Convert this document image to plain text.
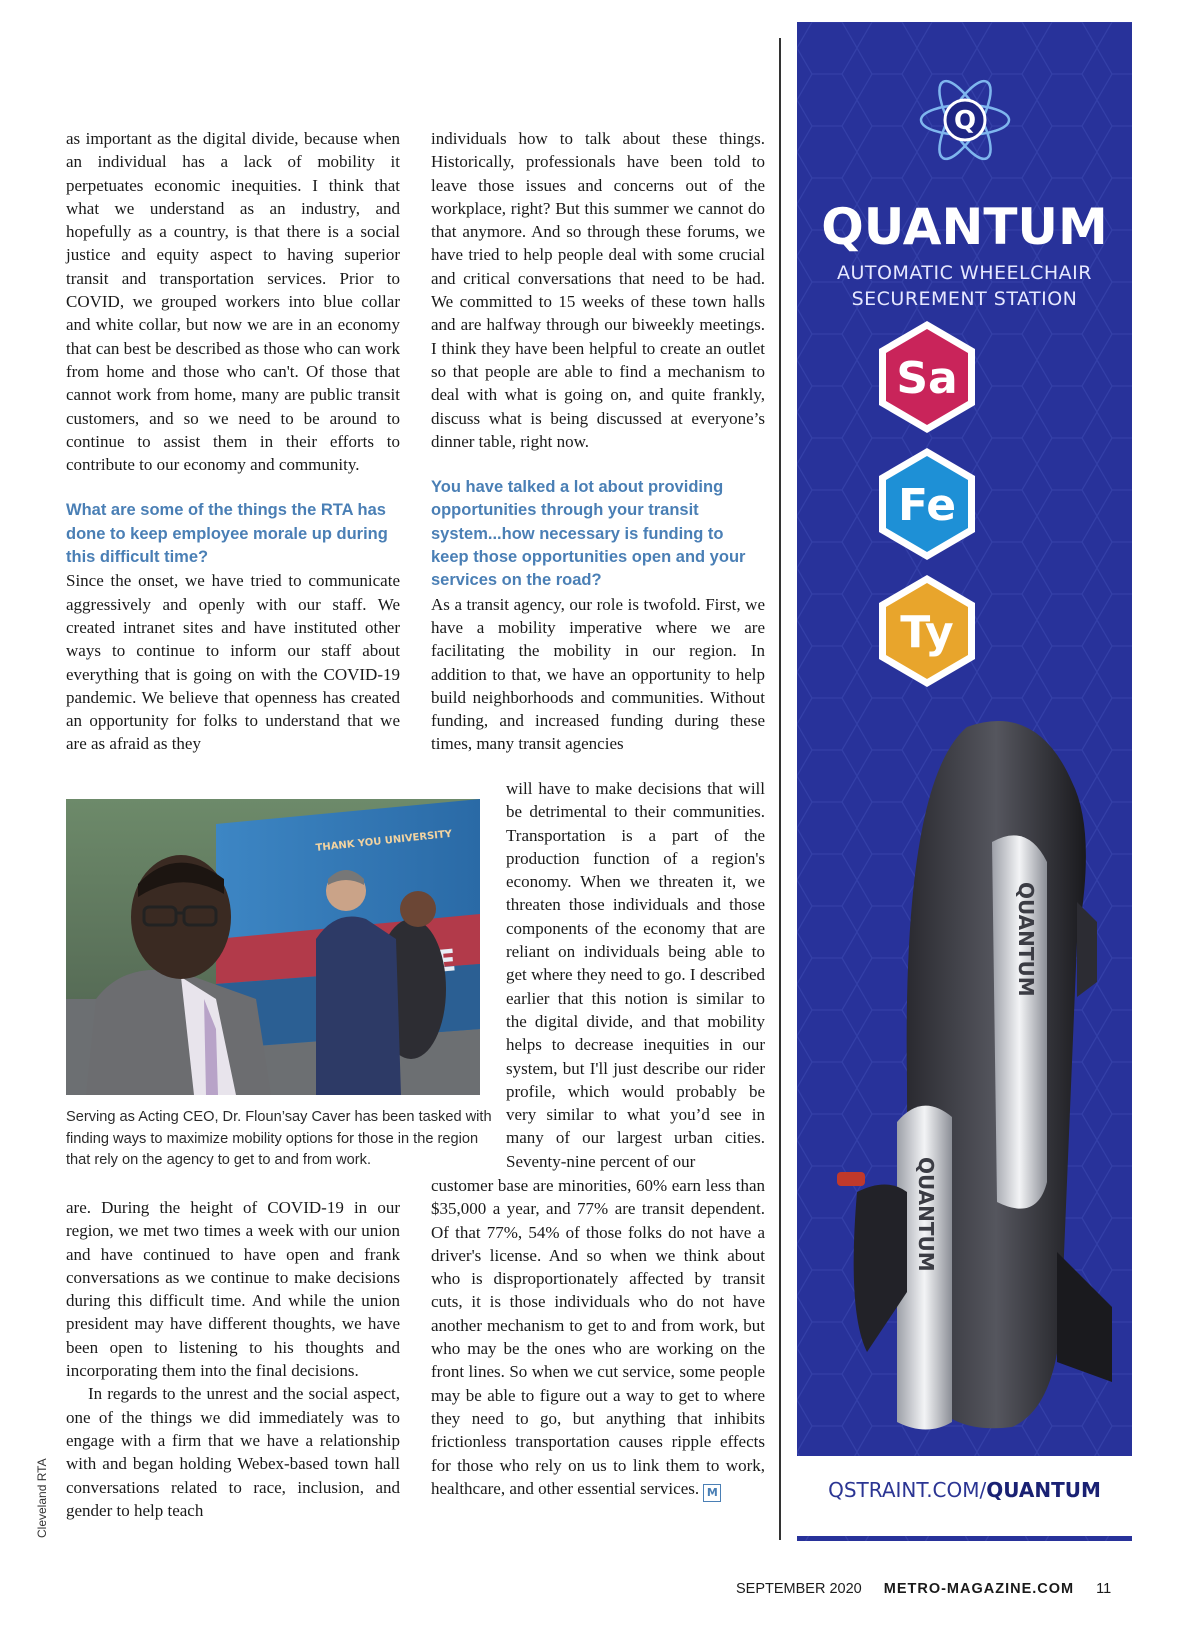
as important as the digital divide, because when an individual has a lack of mobility it perpetuates economic inequities. I think that what we understand as an industry, and hopefully as a country, is that there is a social justice and equity aspect to having superior transit and transportation services. Prior to COVID, we grouped workers into blue collar and white collar, but now we are in an economy that can best be described as those who can work from home and those who can't. Of those that cannot work from home, many are public transit customers, and so we need to be around to continue to assist them in their efforts to contribute to our economy and community.

What are some of the things the RTA has done to keep employee morale up during this difficult time?

Since the onset, we have tried to communicate aggressively and openly with our staff. We created intranet sites and have instituted other ways to continue to inform our staff about everything that is going on with the COVID-19 pandemic. We believe that openness has created an opportunity for folks to understand that we are as afraid as they

THANK YOU UNIVERSITY
Serving as Acting CEO, Dr. Floun’say Caver has been tasked with finding ways to maximize mobility options for those in the region that rely on the agency to get to and from work.
Cleveland RTA

are. During the height of COVID-19 in our region, we met two times a week with our union and have continued to have open and frank conversations as we continue to make decisions during this difficult time. And while the union president may have different thoughts, we have been open to listening to his thoughts and incorporating them into the final decisions.

In regards to the unrest and the social aspect, one of the things we did immediately was to engage with a firm that we have a relationship with and began holding Webex-based town hall conversations related to race, inclusion, and gender to help teach

individuals how to talk about these things. Historically, professionals have been told to leave those issues and concerns out of the workplace, right? But this summer we cannot do that anymore. And so through these forums, we have tried to help people deal with some crucial and critical conversations that need to be had. We committed to 15 weeks of these town halls and are halfway through our biweekly meetings. I think they have been helpful to create an outlet so that people are able to find a mechanism to deal with what is going on, and quite frankly, discuss what is being discussed at everyone’s dinner table, right now.

You have talked a lot about providing opportunities through your transit system...how necessary is funding to keep those opportunities open and your services on the road?

As a transit agency, our role is twofold. First, we have a mobility imperative where we are facilitating the mobility in our region. In addition to that, we have an opportunity to help build neighborhoods and communities. Without funding, and increased funding during these times, many transit agencies

will have to make decisions that will be detrimental to their communities. Transportation is a part of the production function of a region's economy. When we threaten it, we threaten those individuals and those components of the economy that are reliant on individuals being able to get where they need to go. I described earlier that this notion is similar to the digital divide, and that mobility helps to decrease inequities in our system, but I'll just describe our rider profile, which would probably be very similar to what you’d see in many of our largest urban cities. Seventy-nine percent of our

customer base are minorities, 60% earn less than $35,000 a year, and 77% are transit dependent. Of that 77%, 54% of those folks do not have a driver's license. And so when we think about who is disproportionately affected by transit cuts, it is those individuals who do not have another mechanism to get to and from work, but who may be the ones who are working on the front lines. So when we cut service, some people may be able to figure out a way to get to where they need to go, but anything that inhibits frictionless transportation causes ripple effects for those who rely on us to link them to work, healthcare, and other essential services. M

Q
Sa
Fe
Ty
QUANTUM
QUANTUM
QUANTUM
AUTOMATIC WHEELCHAIR
SECUREMENT STATION
QSTRAINT.COM/QUANTUM
SEPTEMBER 2020 METRO-MAGAZINE.COM 11
